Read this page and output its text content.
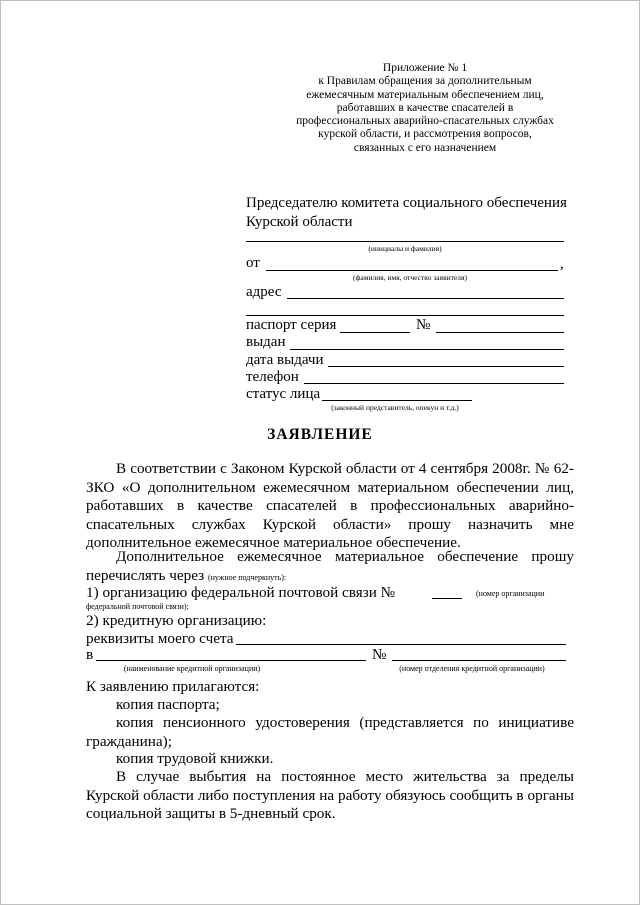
Приложение № 1
к Правилам обращения за дополнительным
ежемесячным материальным обеспечением лиц,
работавших в качестве спасателей в
профессиональных аварийно-спасательных службах
курской области, и рассмотрения вопросов,
связанных с его назначением
Председателю комитета социального обеспечения
Курской области
(инициалы и фамилия)
от	,
(фамилия, имя, отчество заявителя)
адрес
паспорт серия	№
выдан
дата выдачи
телефон
статус лица
(законный представитель, опекун и т.д.)
ЗАЯВЛЕНИЕ

В соответствии с Законом Курской области от 4 сентября 2008г. № 62-ЗКО «О дополнительном ежемесячном материальном обеспечении лиц, работавших в качестве спасателей в профессиональных аварийно-спасательных службах Курской области» прошу назначить мне дополнительное ежемесячное материальное обеспечение.

Дополнительное ежемесячное материальное обеспечение прошу перечислять через (нужное подчеркнуть):

1) организацию федеральной почтовой связи №	(номер организации
федеральной почтовой связи);
2) кредитную организацию:
реквизиты моего счета
в	№
(наименование кредитной организации)	(номер отделения кредитной организации)
К заявлению прилагаются:
копия паспорта;

копия пенсионного удостоверения (представляется по инициативе гражданина);

копия трудовой книжки.

В случае выбытия на постоянное место жительства за пределы Курской области либо поступления на работу обязуюсь сообщить в органы социальной защиты в 5-дневный срок.
